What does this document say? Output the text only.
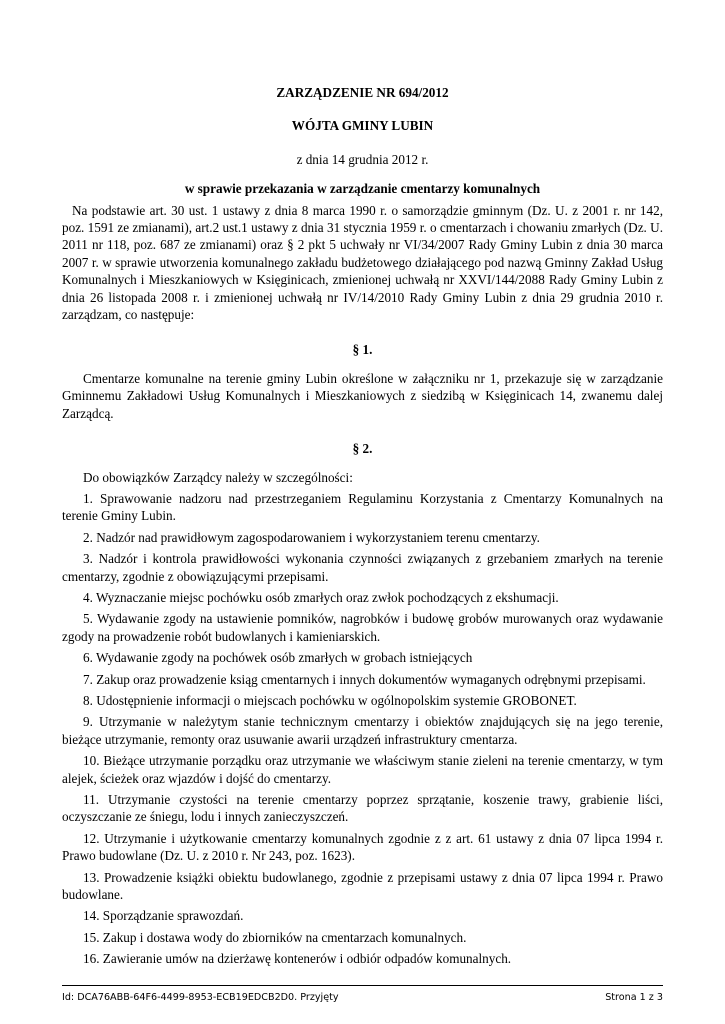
ZARZĄDZENIE NR 694/2012

WÓJTA GMINY LUBIN

z dnia 14 grudnia 2012 r.

w sprawie przekazania w zarządzanie cmentarzy komunalnych

Na podstawie art. 30 ust. 1 ustawy z dnia 8 marca 1990 r. o samorządzie gminnym (Dz. U. z 2001 r. nr 142, poz. 1591 ze zmianami), art.2 ust.1 ustawy z dnia 31 stycznia 1959 r. o cmentarzach i chowaniu zmarłych (Dz. U. 2011 nr 118, poz. 687 ze zmianami) oraz § 2 pkt 5 uchwały nr VI/34/2007 Rady Gminy Lubin z dnia 30 marca 2007 r. w sprawie utworzenia komunalnego zakładu budżetowego działającego pod nazwą Gminny Zakład Usług Komunalnych i Mieszkaniowych w Księginicach, zmienionej uchwałą nr XXVI/144/2088 Rady Gminy Lubin z dnia 26 listopada 2008 r. i zmienionej uchwałą nr IV/14/2010 Rady Gminy Lubin z dnia 29 grudnia 2010 r. zarządzam, co następuje:

§ 1.

Cmentarze komunalne na terenie gminy Lubin określone w załączniku nr 1, przekazuje się w zarządzanie Gminnemu Zakładowi Usług Komunalnych i Mieszkaniowych z siedzibą w Księginicach 14, zwanemu dalej Zarządcą.

§ 2.

Do obowiązków Zarządcy należy w szczególności:

1. Sprawowanie nadzoru nad przestrzeganiem Regulaminu Korzystania z Cmentarzy Komunalnych na terenie Gminy Lubin.

2. Nadzór nad prawidłowym zagospodarowaniem i wykorzystaniem terenu cmentarzy.

3. Nadzór i kontrola prawidłowości wykonania czynności związanych z grzebaniem zmarłych na terenie cmentarzy, zgodnie z obowiązującymi przepisami.

4. Wyznaczanie miejsc pochówku osób zmarłych oraz zwłok pochodzących z ekshumacji.

5. Wydawanie zgody na ustawienie pomników, nagrobków i budowę grobów murowanych oraz wydawanie zgody na prowadzenie robót budowlanych i kamieniarskich.

6. Wydawanie zgody na pochówek osób zmarłych w grobach istniejących

7. Zakup oraz prowadzenie ksiąg cmentarnych i innych dokumentów wymaganych odrębnymi przepisami.

8. Udostępnienie informacji o miejscach pochówku w ogólnopolskim systemie GROBONET.

9. Utrzymanie w należytym stanie technicznym cmentarzy i obiektów znajdujących się na jego terenie, bieżące utrzymanie, remonty oraz usuwanie awarii urządzeń infrastruktury cmentarza.

10. Bieżące utrzymanie porządku oraz utrzymanie we właściwym stanie zieleni na terenie cmentarzy, w tym alejek, ścieżek oraz wjazdów i dojść do cmentarzy.

11. Utrzymanie czystości na terenie cmentarzy poprzez sprzątanie, koszenie trawy, grabienie liści, oczyszczanie ze śniegu, lodu i innych zanieczyszczeń.

12. Utrzymanie i użytkowanie cmentarzy komunalnych zgodnie z z art. 61 ustawy z dnia 07 lipca 1994 r. Prawo budowlane (Dz. U. z 2010 r. Nr 243, poz. 1623).

13. Prowadzenie książki obiektu budowlanego, zgodnie z przepisami ustawy z dnia 07 lipca 1994 r. Prawo budowlane.

14. Sporządzanie sprawozdań.

15. Zakup i dostawa wody do zbiorników na cmentarzach komunalnych.

16. Zawieranie umów na dzierżawę kontenerów i odbiór odpadów komunalnych.

Id: DCA76ABB-64F6-4499-8953-ECB19EDCB2D0. Przyjęty	Strona 1 z 3
